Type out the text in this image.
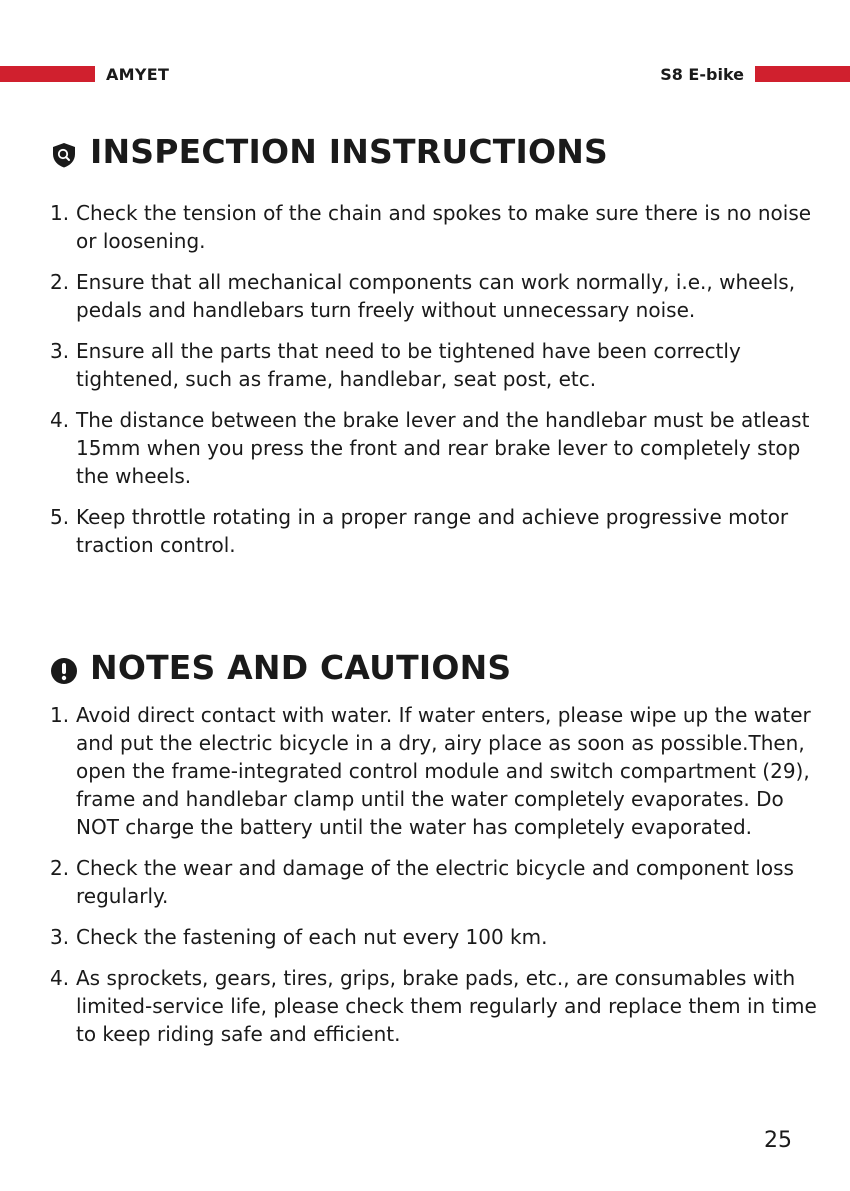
AMYET	S8 E-bike
INSPECTION INSTRUCTIONS
1. Check the tension of the chain and spokes to make sure there is no noise or loosening.
2. Ensure that all mechanical components can work normally, i.e., wheels, pedals and handlebars turn freely without unnecessary noise.
3. Ensure all the parts that need to be tightened have been correctly tightened, such as frame, handlebar, seat post, etc.
4. The distance between the brake lever and the handlebar must be atleast 15mm when you press the front and rear brake lever to completely stop the wheels.
5. Keep throttle rotating in a proper range and achieve progressive motor traction control.
NOTES AND CAUTIONS
1. Avoid direct contact with water. If water enters, please wipe up the water and put the electric bicycle in a dry, airy place as soon as possible.Then, open the frame-integrated control module and switch compartment (29), frame and handlebar clamp until the water completely evaporates. Do NOT charge the battery until the water has completely evaporated.
2. Check the wear and damage of the electric bicycle and component loss regularly.
3. Check the fastening of each nut every 100 km.
4. As sprockets, gears, tires, grips, brake pads, etc., are consumables with limited-service life, please check them regularly and replace them in time to keep riding safe and efficient.
25
